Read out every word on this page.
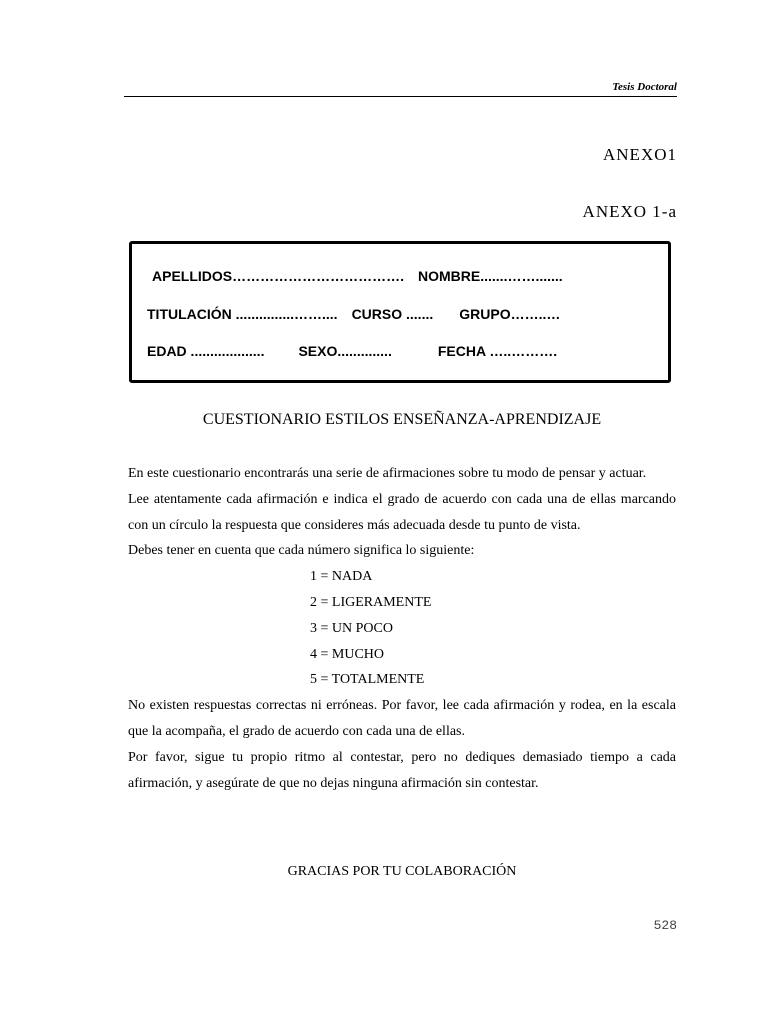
Tesis Doctoral
ANEXO1
ANEXO 1-a
APELLIDOS………………………………. NOMBRE.......…….......
TITULACIÓN ...............…….... CURSO ....... GRUPO……..…
EDAD ................... SEXO..............	FECHA …..……….
CUESTIONARIO ESTILOS ENSEÑANZA-APRENDIZAJE

En este cuestionario encontrarás una serie de afirmaciones sobre tu modo de pensar y actuar.

Lee atentamente cada afirmación e indica el grado de acuerdo con cada una de ellas marcando con un círculo la respuesta que consideres más adecuada desde tu punto de vista.

Debes tener en cuenta que cada número significa lo siguiente:

1 = NADA
2 = LIGERAMENTE
3 = UN POCO
4 = MUCHO
5 = TOTALMENTE

No existen respuestas correctas ni erróneas. Por favor, lee cada afirmación y rodea, en la escala que la acompaña, el grado de acuerdo con cada una de ellas.

Por favor, sigue tu propio ritmo al contestar, pero no dediques demasiado tiempo a cada afirmación, y asegúrate de que no dejas ninguna afirmación sin contestar.

GRACIAS POR TU COLABORACIÓN
528
